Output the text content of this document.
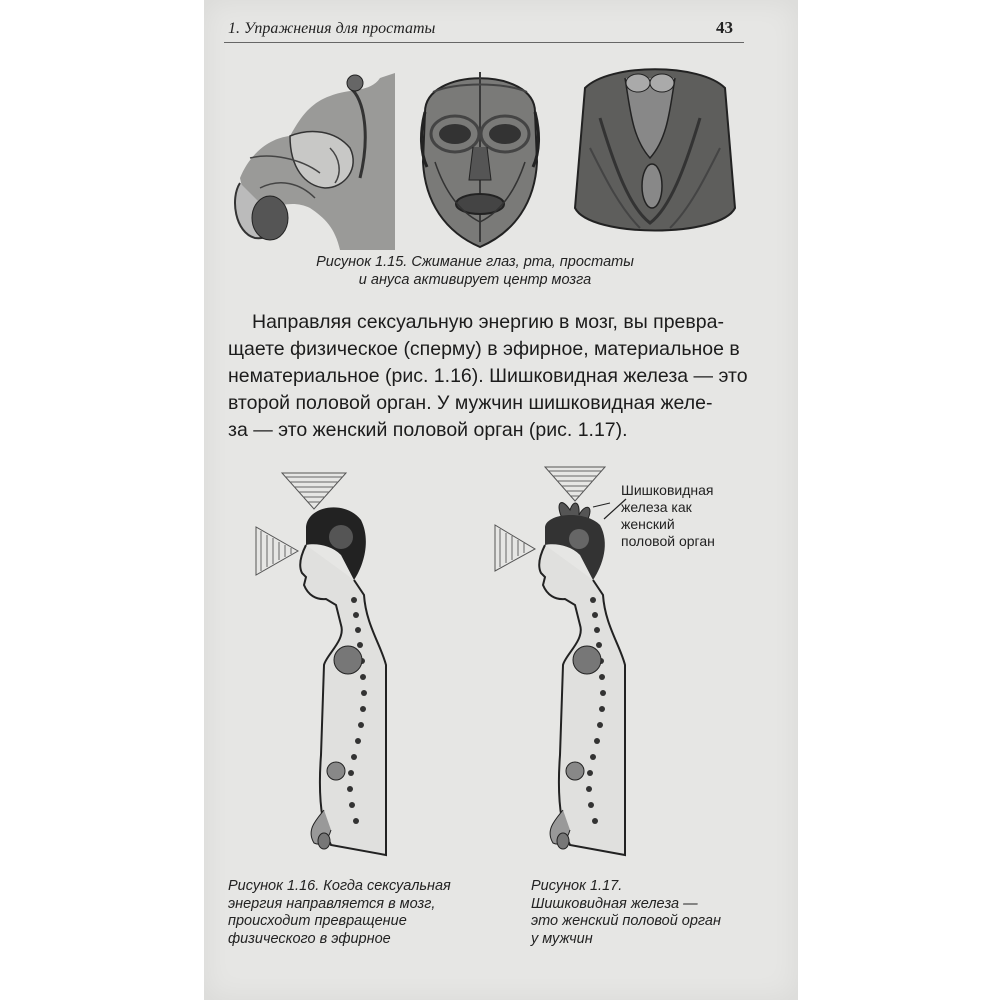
1. Упражнения для простаты	43
Рисунок 1.15. Сжимание глаз, рта, простаты
и ануса активирует центр мозга
Направляя сексуальную энергию в мозг, вы превра-
щаете физическое (сперму) в эфирное, материальное в
нематериальное (рис. 1.16). Шишковидная железа — это
второй половой орган. У мужчин шишковидная желе-
за — это женский половой орган (рис. 1.17).
Шишковидная
железа как
женский
половой орган
Рисунок 1.16. Когда сексуальная
энергия направляется в мозг,
происходит превращение
физического в эфирное
Рисунок 1.17.
Шишковидная железа —
это женский половой орган
у мужчин
